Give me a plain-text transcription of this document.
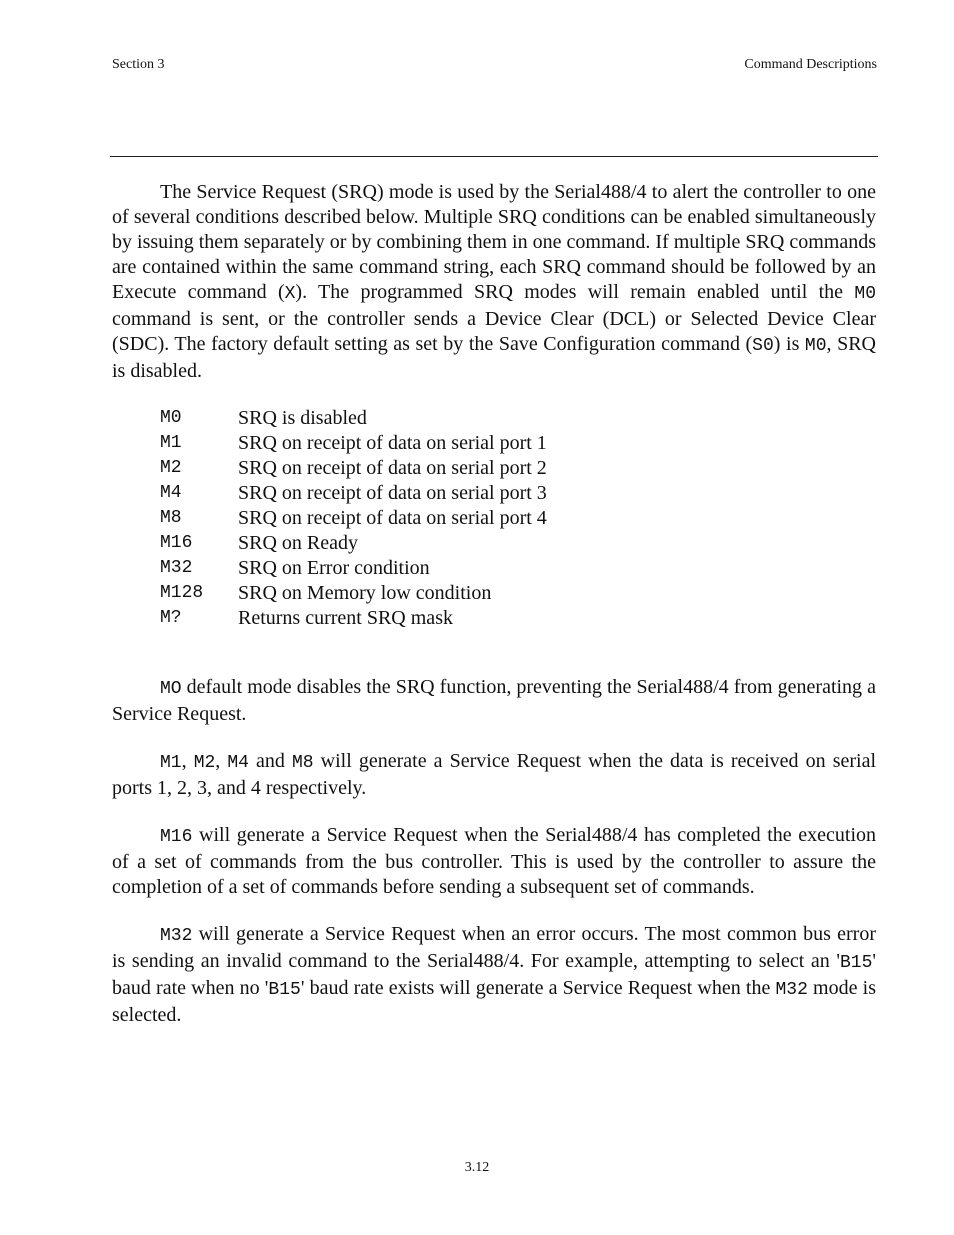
Section 3	Command Descriptions

The Service Request (SRQ) mode is used by the Serial488/4 to alert the controller to one of several conditions described below. Multiple SRQ conditions can be enabled simultaneously by issuing them separately or by combining them in one command. If multiple SRQ commands are contained within the same command string, each SRQ command should be followed by an Execute command (X). The programmed SRQ modes will remain enabled until the M0 command is sent, or the controller sends a Device Clear (DCL) or Selected Device Clear (SDC). The factory default setting as set by the Save Configuration command (S0) is M0, SRQ is disabled.

M0	SRQ is disabled
M1	SRQ on receipt of data on serial port 1
M2	SRQ on receipt of data on serial port 2
M4	SRQ on receipt of data on serial port 3
M8	SRQ on receipt of data on serial port 4
M16	SRQ on Ready
M32	SRQ on Error condition
M128	SRQ on Memory low condition
M?	Returns current SRQ mask

MO default mode disables the SRQ function, preventing the Serial488/4 from generating a Service Request.

M1, M2, M4 and M8 will generate a Service Request when the data is received on serial ports 1, 2, 3, and 4 respectively.

M16 will generate a Service Request when the Serial488/4 has completed the execution of a set of commands from the bus controller. This is used by the controller to assure the completion of a set of commands before sending a subsequent set of commands.

M32 will generate a Service Request when an error occurs. The most common bus error is sending an invalid command to the Serial488/4. For example, attempting to select an 'B15' baud rate when no 'B15' baud rate exists will generate a Service Request when the M32 mode is selected.

3.12
